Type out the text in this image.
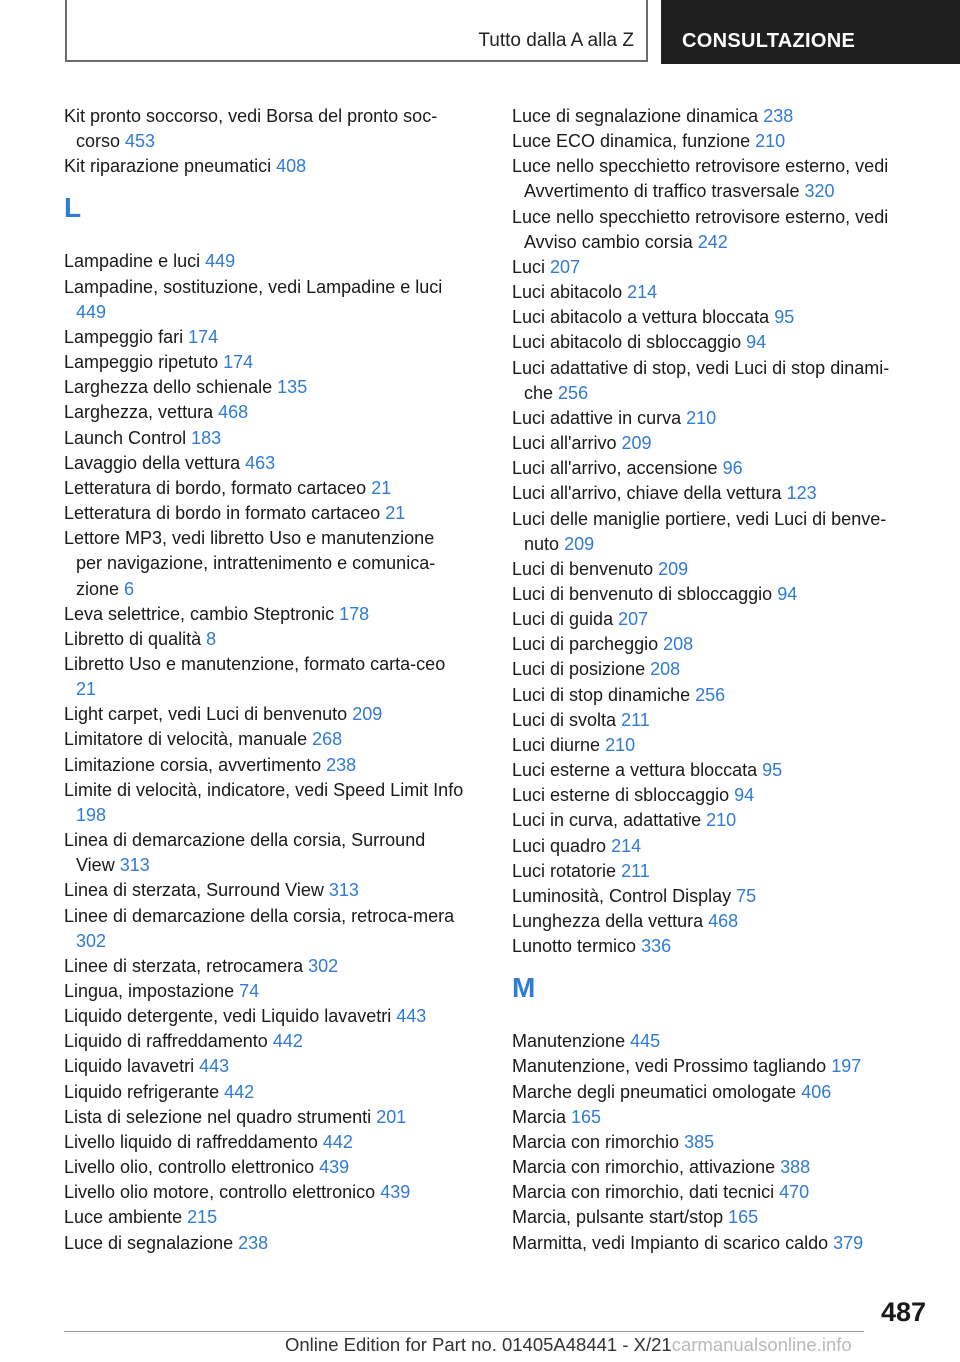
Tutto dalla A alla Z CONSULTAZIONE
Kit pronto soccorso, vedi Borsa del pronto soc‐corso 453
Kit riparazione pneumatici 408
L
Lampadine e luci 449
Lampadine, sostituzione, vedi Lampadine e luci 449
Lampeggio fari 174
Lampeggio ripetuto 174
Larghezza dello schienale 135
Larghezza, vettura 468
Launch Control 183
Lavaggio della vettura 463
Letteratura di bordo, formato cartaceo 21
Letteratura di bordo in formato cartaceo 21
Lettore MP3, vedi libretto Uso e manutenzione per navigazione, intrattenimento e comunica‐zione 6
Leva selettrice, cambio Steptronic 178
Libretto di qualità 8
Libretto Uso e manutenzione, formato carta‐ceo 21
Light carpet, vedi Luci di benvenuto 209
Limitatore di velocità, manuale 268
Limitazione corsia, avvertimento 238
Limite di velocità, indicatore, vedi Speed Limit Info 198
Linea di demarcazione della corsia, Surround View 313
Linea di sterzata, Surround View 313
Linee di demarcazione della corsia, retroca‐mera 302
Linee di sterzata, retrocamera 302
Lingua, impostazione 74
Liquido detergente, vedi Liquido lavavetri 443
Liquido di raffreddamento 442
Liquido lavavetri 443
Liquido refrigerante 442
Lista di selezione nel quadro strumenti 201
Livello liquido di raffreddamento 442
Livello olio, controllo elettronico 439
Livello olio motore, controllo elettronico 439
Luce ambiente 215
Luce di segnalazione 238
Luce di segnalazione dinamica 238
Luce ECO dinamica, funzione 210
Luce nello specchietto retrovisore esterno, vedi Avvertimento di traffico trasversale 320
Luce nello specchietto retrovisore esterno, vedi Avviso cambio corsia 242
Luci 207
Luci abitacolo 214
Luci abitacolo a vettura bloccata 95
Luci abitacolo di sbloccaggio 94
Luci adattative di stop, vedi Luci di stop dinami‐che 256
Luci adattive in curva 210
Luci all'arrivo 209
Luci all'arrivo, accensione 96
Luci all'arrivo, chiave della vettura 123
Luci delle maniglie portiere, vedi Luci di benve‐nuto 209
Luci di benvenuto 209
Luci di benvenuto di sbloccaggio 94
Luci di guida 207
Luci di parcheggio 208
Luci di posizione 208
Luci di stop dinamiche 256
Luci di svolta 211
Luci diurne 210
Luci esterne a vettura bloccata 95
Luci esterne di sbloccaggio 94
Luci in curva, adattative 210
Luci quadro 214
Luci rotatorie 211
Luminosità, Control Display 75
Lunghezza della vettura 468
Lunotto termico 336
M
Manutenzione 445
Manutenzione, vedi Prossimo tagliando 197
Marche degli pneumatici omologate 406
Marcia 165
Marcia con rimorchio 385
Marcia con rimorchio, attivazione 388
Marcia con rimorchio, dati tecnici 470
Marcia, pulsante start/stop 165
Marmitta, vedi Impianto di scarico caldo 379
487
Online Edition for Part no. 01405A48441 - X/21carmanualsonline.info
